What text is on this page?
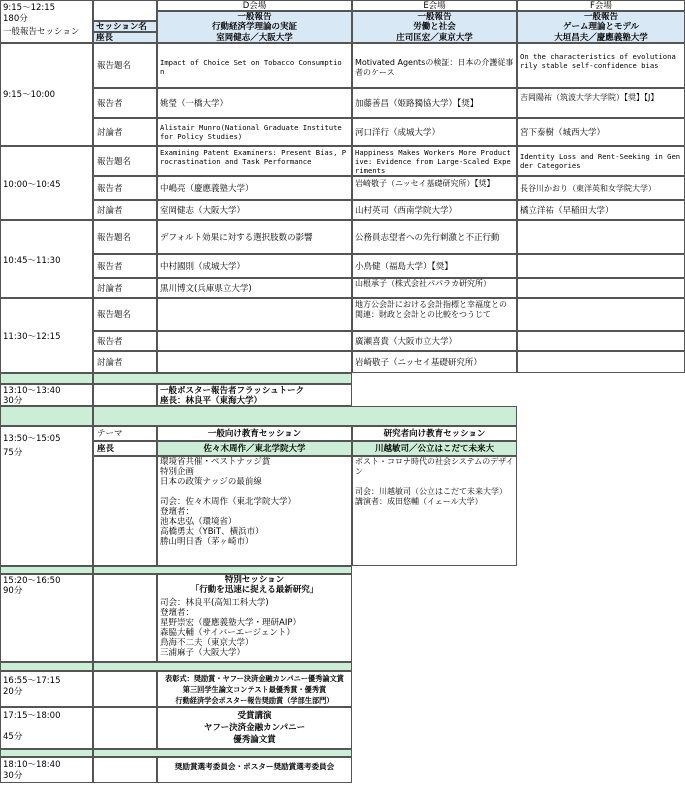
9:15～12:15
180分
一般報告セッション セッション名
座長
D会場
一般報告
行動経済学理論の実証
室岡健志／大阪大学
E会場
一般報告
労働と社会
庄司匡宏／東京大学
F会場
一般報告
ゲーム理論とモデル
大垣昌夫／慶應義塾大学
9:15～10:00
報告題名
報告者
討論者
Impact of Choice Set on Tobacco Consumption
姚瑩（一橋大学）
Alistair Munro(National Graduate Institute for Policy Studies)
Motivated Agentsの検証：日本の介護従事者のケース
加藤善昌（姫路獨協大学）【奨】
河口洋行（成城大学）
On the characteristics of evolutionarily stable self-confidence bias
吉岡陽祐（筑波大学大学院）【奨】【J】
宮下泰樹（城西大学）
10:00～10:45
報告題名
報告者
討論者
Examining Patent Examiners: Present Bias, Procrastination and Task Performance
中嶋亮（慶應義塾大学）
室岡健志（大阪大学）
Happiness Makes Workers More Productive: Evidence from Large-Scaled Experiments
岩崎敬子（ニッセイ基礎研究所）【奨】
山村英司（西南学院大学）
Identity Loss and Rent-Seeking in Gender Categories
長谷川かおり（東洋英和女学院大学）
橘立洋祐（早稲田大学）
10:45～11:30
報告題名
報告者
討論者
デフォルト効果に対する選択肢数の影響
中村國則（成城大学）
黒川博文(兵庫県立大学)
公務員志望者への先行刺激と不正行動
小鳥健（福島大学）【奨】
山根承子（株式会社パパラカ研究所）
11:30～12:15
報告題名
報告者
討論者
地方公会計における会計指標と幸福度との関連：財政と会計との比較をつうじて
廣瀬喜貴（大阪市立大学）
岩崎敬子（ニッセイ基礎研究所）
13:10～13:40
30分
一般ポスター報告者フラッシュトーク
座長：林良平（東海大学）
13:50～15:05
75分
テーマ
座長
一般向け教育セッション
佐々木周作／東北学院大学
環境省共催・ベストナッジ賞
特別企画
日本の政策ナッジの最前線
司会：佐々木周作（東北学院大学）
登壇者：
池本忠弘（環境省）
高橋勇太（YBiT、横浜市）
勝山明日香（茅ヶ崎市）
研究者向け教育セッション
川越敏司／公立はこだて未来大
ポスト・コロナ時代の社会システムのデザイン
司会：川越敏司（公立はこだて未来大学）
講演者：成田悠輔（イェール大学）
15:20～16:50
90分
特別セッション
「行動を迅速に捉える最新研究」
司会：林良平(高知工科大学)
登壇者：
星野崇宏（慶應義塾大学・理研AIP）
森脇大輔（サイバーエージェント）
鳥海不二夫（東京大学）
三浦麻子（大阪大学）
16:55～17:15
20分
表彰式：奨励賞・ヤフー決済金融カンパニー優秀論文賞
第三回学生論文コンテスト最優秀賞・優秀賞
行動経済学会ポスター報告奨励賞（学部生部門）
17:15～18:00
45分
受賞講演
ヤフー決済金融カンパニー
優秀論文賞
18:10～18:40
30分
奨励賞選考委員会・ポスター奨励賞選考委員会
